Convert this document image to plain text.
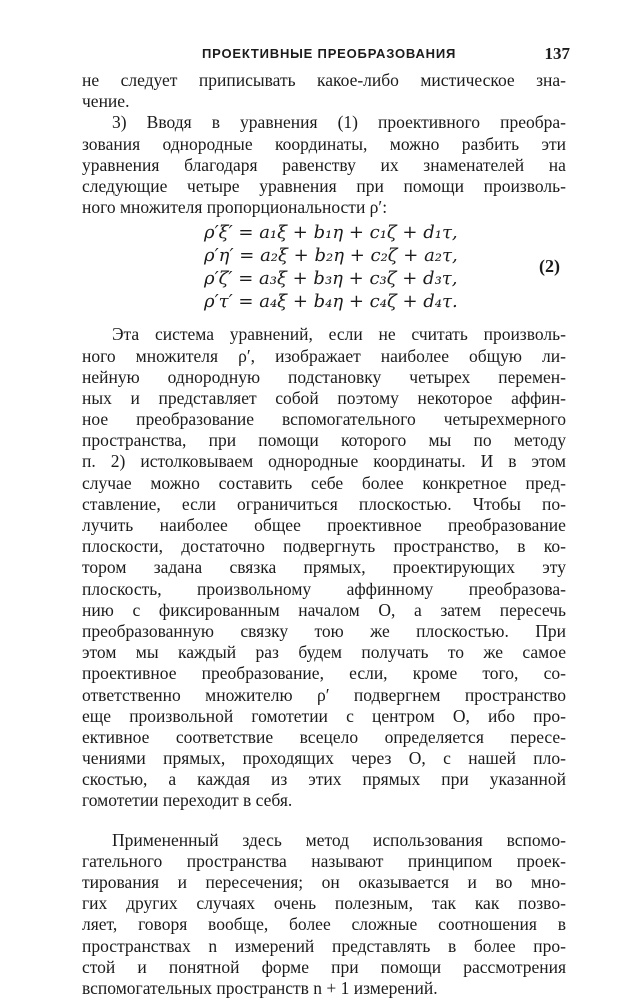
ПРОЕКТИВНЫЕ ПРЕОБРАЗОВАНИЯ	137
не следует приписывать какое-либо мистическое зна-
чение.
3) Вводя в уравнения (1) проективного преобра-
зования однородные координаты, можно разбить эти
уравнения благодаря равенству их знаменателей на
следующие четыре уравнения при помощи произволь-
ного множителя пропорциональности ρ′:
ρ′ξ′ = a₁ξ + b₁η + c₁ζ + d₁τ,
ρ′η′ = a₂ξ + b₂η + c₂ζ + a₂τ,
ρ′ζ′ = a₃ξ + b₃η + c₃ζ + d₃τ,
ρ′τ′ = a₄ξ + b₄η + c₄ζ + d₄τ.
(2)
Эта система уравнений, если не считать произволь-
ного множителя ρ′, изображает наиболее общую ли-
нейную однородную подстановку четырех перемен-
ных и представляет собой поэтому некоторое аффин-
ное преобразование вспомогательного четырехмерного
пространства, при помощи которого мы по методу
п. 2) истолковываем однородные координаты. И в этом
случае можно составить себе более конкретное пред-
ставление, если ограничиться плоскостью. Чтобы по-
лучить наиболее общее проективное преобразование
плоскости, достаточно подвергнуть пространство, в ко-
тором задана связка прямых, проектирующих эту
плоскость, произвольному аффинному преобразова-
нию с фиксированным началом O, а затем пересечь
преобразованную связку тою же плоскостью. При
этом мы каждый раз будем получать то же самое
проективное преобразование, если, кроме того, со-
ответственно множителю ρ′ подвергнем пространство
еще произвольной гомотетии с центром O, ибо про-
ективное соответствие всецело определяется пересе-
чениями прямых, проходящих через O, с нашей пло-
скостью, а каждая из этих прямых при указанной
гомотетии переходит в себя.
Примененный здесь метод использования вспомо-
гательного пространства называют принципом проек-
тирования и пересечения; он оказывается и во мно-
гих других случаях очень полезным, так как позво-
ляет, говоря вообще, более сложные соотношения в
пространствах n измерений представлять в более про-
стой и понятной форме при помощи рассмотрения
вспомогательных пространств n + 1 измерений.
